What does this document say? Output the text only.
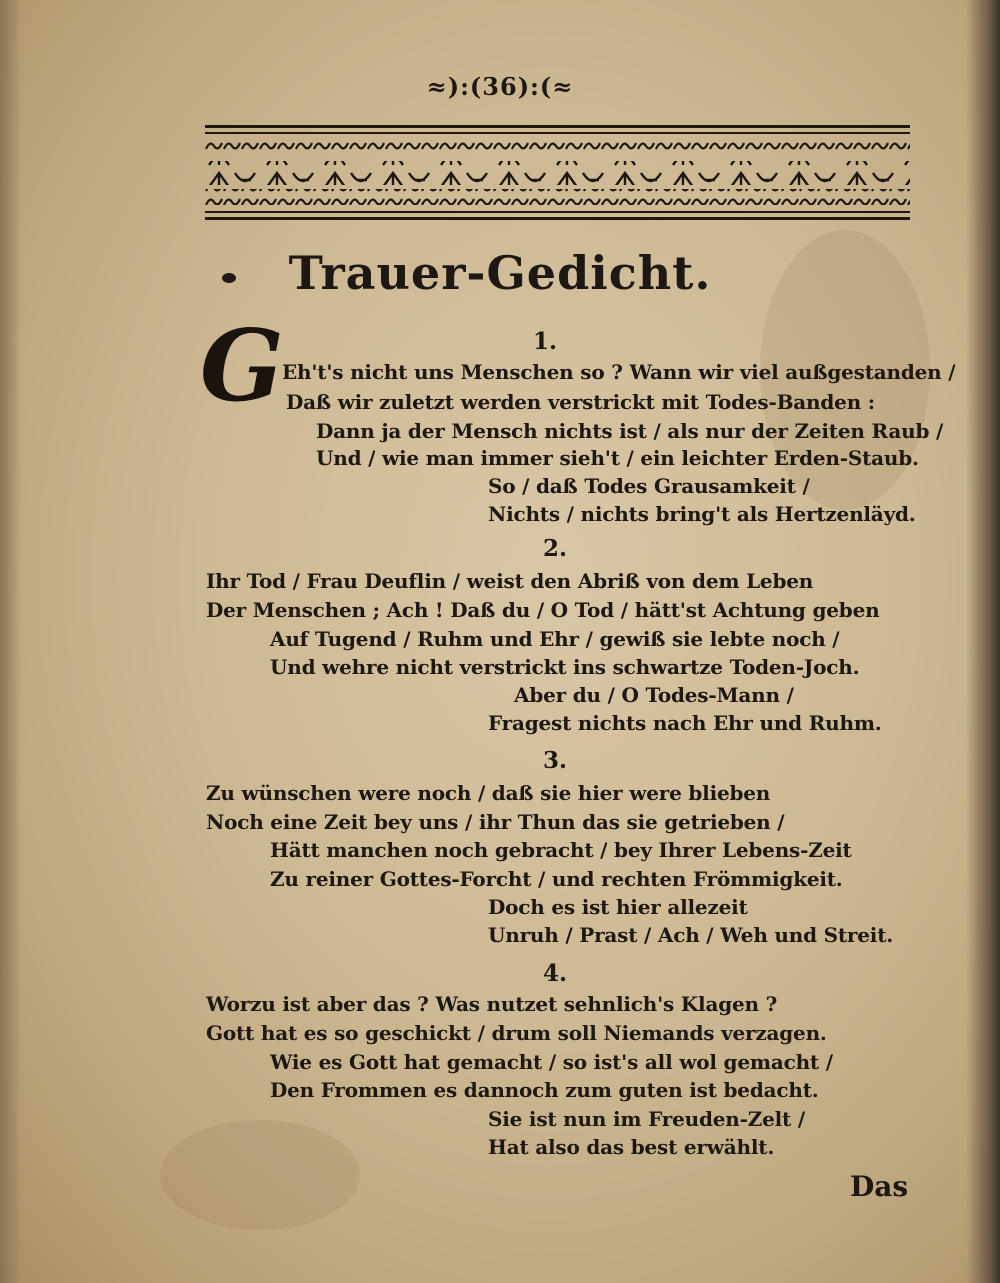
≈):(36):(≈
Trauer-Gedicht.
1.
G
Eh't's nicht uns Menschen so ? Wann wir viel außgestanden /
Daß wir zuletzt werden verstrickt mit Todes-Banden :
Dann ja der Mensch nichts ist / als nur der Zeiten Raub /
Und / wie man immer sieh't / ein leichter Erden-Staub.
So / daß Todes Grausamkeit /
Nichts / nichts bring't als Hertzenläyd.
2.
Ihr Tod / Frau Deuflin / weist den Abriß von dem Leben
Der Menschen ; Ach ! Daß du / O Tod / hätt'st Achtung geben
Auf Tugend / Ruhm und Ehr / gewiß sie lebte noch /
Und wehre nicht verstrickt ins schwartze Toden-Joch.
Aber du / O Todes-Mann /
Fragest nichts nach Ehr und Ruhm.
3.
Zu wünschen were noch / daß sie hier were blieben
Noch eine Zeit bey uns / ihr Thun das sie getrieben /
Hätt manchen noch gebracht / bey Ihrer Lebens-Zeit
Zu reiner Gottes-Forcht / und rechten Frömmigkeit.
Doch es ist hier allezeit
Unruh / Prast / Ach / Weh und Streit.
4.
Worzu ist aber das ? Was nutzet sehnlich's Klagen ?
Gott hat es so geschickt / drum soll Niemands verzagen.
Wie es Gott hat gemacht / so ist's all wol gemacht /
Den Frommen es dannoch zum guten ist bedacht.
Sie ist nun im Freuden-Zelt /
Hat also das best erwählt.
Das
